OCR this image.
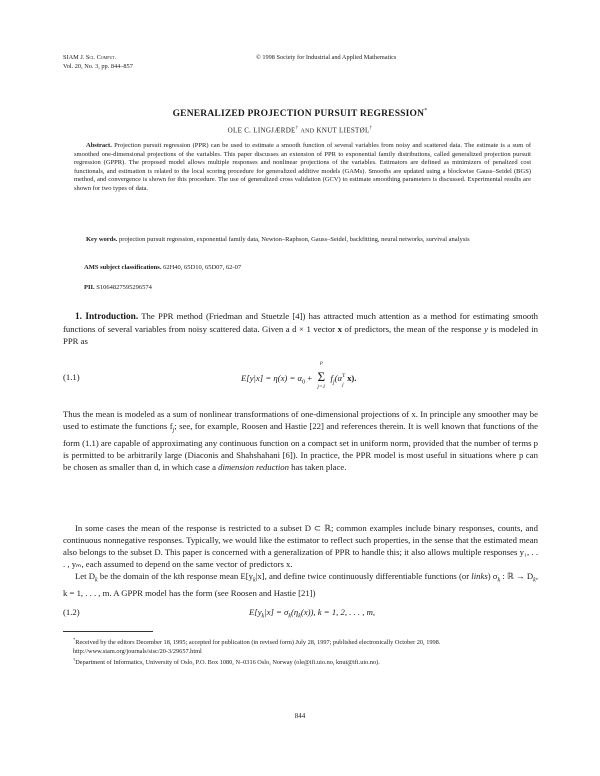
SIAM J. Sci. Comput.
Vol. 20, No. 3, pp. 844–857
© 1998 Society for Industrial and Applied Mathematics
GENERALIZED PROJECTION PURSUIT REGRESSION*
OLE C. LINGJÆRDE† AND KNUT LIESTØL†
Abstract. Projection pursuit regression (PPR) can be used to estimate a smooth function of several variables from noisy and scattered data. The estimate is a sum of smoothed one-dimensional projections of the variables. This paper discusses an extension of PPR to exponential family distributions, called generalized projection pursuit regression (GPPR). The proposed model allows multiple responses and nonlinear projections of the variables. Estimators are defined as minimizers of penalized cost functionals, and estimation is related to the local scoring procedure for generalized additive models (GAMs). Smooths are updated using a blockwise Gauss–Seidel (BGS) method, and convergence is shown for this procedure. The use of generalized cross validation (GCV) to estimate smoothing parameters is discussed. Experimental results are shown for two types of data.
Key words. projection pursuit regression, exponential family data, Newton–Raphson, Gauss–Seidel, backfitting, neural networks, survival analysis
AMS subject classifications. 62H40, 65D10, 65D07, 62-07
PII. S1064827595296574
1. Introduction. The PPR method (Friedman and Stuetzle [4]) has attracted much attention as a method for estimating smooth functions of several variables from noisy scattered data. Given a d × 1 vector x of predictors, the mean of the response y is modeled in PPR as
(1.1)	$E[y|x] = \eta(x) = \alpha_0$ +
p
Σ
j=1
$f_j(\alpha$ T
j
x).
Thus the mean is modeled as a sum of nonlinear transformations of one-dimensional projections of x. In principle any smoother may be used to estimate the functions $f_j$; see, for example, Roosen and Hastie [22] and references therein. It is well known that functions of the form (1.1) are capable of approximating any continuous function on a compact set in uniform norm, provided that the number of terms p is permitted to be arbitrarily large (Diaconis and Shahshahani [6]). In practice, the PPR model is most useful in situations where p can be chosen as smaller than d, in which case a dimension reduction has taken place.
In some cases the mean of the response is restricted to a subset D ⊂ ℝ; common examples include binary responses, counts, and continuous nonnegative responses. Typically, we would like the estimator to reflect such properties, in the sense that the estimated mean also belongs to the subset D. This paper is concerned with a generalization of PPR to handle this; it also allows multiple responses y₁, . . . , yₘ, each assumed to depend on the same vector of predictors x.
Let $D_k$ be the domain of the kth response mean $E[y_k|x]$, and define twice continuously differentiable functions (or links) $\sigma_k$ : ℝ → $D_k$, k = 1, . . . , m. A GPPR model has the form (see Roosen and Hastie [21])
(1.2)	$E[y_k|x] = \sigma_k(\eta_k(x))$, k = 1, 2, . . . , m,

*Received by the editors December 18, 1995; accepted for publication (in revised form) July 28, 1997; published electronically October 20, 1998.

http://www.siam.org/journals/sisc/20-3/29657.html

†Department of Informatics, University of Oslo, P.O. Box 1080, N–0316 Oslo, Norway (ole@ifi.uio.no, knut@ifi.uio.no).

844
